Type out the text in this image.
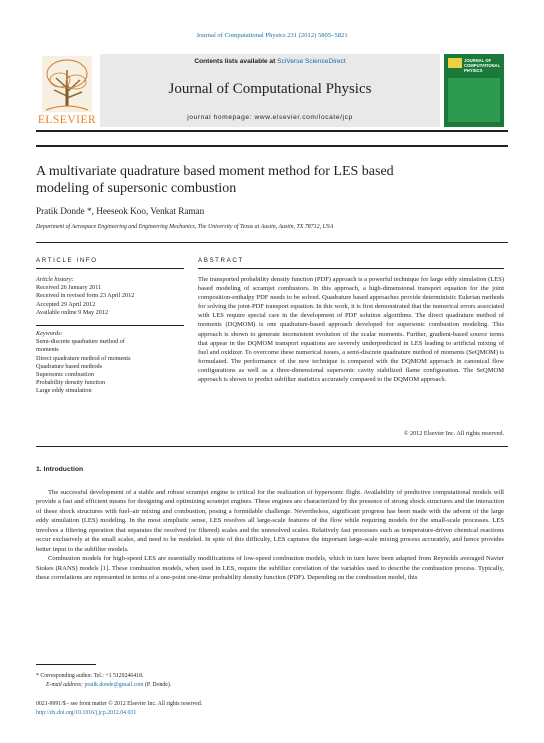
Journal of Computational Physics 231 (2012) 5805–5821
ELSEVIER
Contents lists available at SciVerse ScienceDirect
Journal of Computational Physics
journal homepage: www.elsevier.com/locate/jcp
JOURNAL OF COMPUTATIONAL PHYSICS
A multivariate quadrature based moment method for LES based
modeling of supersonic combustion
Pratik Donde *, Heeseok Koo, Venkat Raman
Department of Aerospace Engineering and Engineering Mechanics, The University of Texas at Austin, Austin, TX 78712, USA
ARTICLE INFO
Article history:
Received 26 January 2011
Received in revised form 23 April 2012
Accepted 29 April 2012
Available online 9 May 2012
Keywords:
Semi-discrete quadrature method of
moments
Direct quadrature method of moments
Quadrature based methods
Supersonic combustion
Probability density function
Large eddy simulation
ABSTRACT
The transported probability density function (PDF) approach is a powerful technique for large eddy simulation (LES) based modeling of scramjet combustors. In this approach, a high-dimensional transport equation for the joint composition-enthalpy PDF needs to be solved. Quadrature based approaches provide deterministic Eulerian methods for solving the joint-PDF transport equation. In this work, it is first demonstrated that the numerical errors associated with LES require special care in the development of PDF solution algorithms. The direct quadrature method of moments (DQMOM) is one quadrature-based approach developed for supersonic combustion modeling. This approach is shown to generate inconsistent evolution of the scalar moments. Further, gradient-based source terms that appear in the DQMOM transport equations are severely underpredicted in LES leading to artificial mixing of fuel and oxidizer. To overcome these numerical issues, a semi-discrete quadrature method of moments (SeQMOM) is formulated. The performance of the new technique is compared with the DQMOM approach in canonical flow configurations as well as a three-dimensional supersonic cavity stabilized flame configuration. The SeQMOM approach is shown to predict subfilter statistics accurately compared to the DQMOM approach.
© 2012 Elsevier Inc. All rights reserved.
1. Introduction

The successful development of a stable and robust scramjet engine is critical for the realization of hypersonic flight. Availability of predictive computational models will provide a fast and efficient means for designing and optimizing scramjet engines. These engines are characterized by the presence of strong shock structures and the interaction of these shock structures with fuel–air mixing and combustion, posing a formidable challenge. Nevertheless, significant progress has been made with the advent of the large eddy simulation (LES) modeling. In the most simplistic sense, LES resolves all large-scale features of the flow while requiring models for the small-scale processes. LES involves a filtering operation that separates the resolved (or filtered) scales and the unresolved scales. Relatively fast processes such as temperature-driven chemical reactions occur exclusively at the small scales, and need to be modeled. In spite of this difficulty, LES captures the important large-scale mixing process accurately, and hence provides better input to the subfilter models.

Combustion models for high-speed LES are essentially modifications of low-speed combustion models, which in turn have been adapted from Reynolds averaged Navier Stokes (RANS) models [1]. These combustion models, when used in LES, require the subfilter correlation of the variables used to describe the combustion process. Typically, these correlations are represented in terms of a one-point one-time probability density function (PDF). Depending on the combustion model, this

* Corresponding author. Tel.: +1 5129246418.
E-mail address: pratik.donde@gmail.com (P. Donde).
0021-9991/$ - see front matter © 2012 Elsevier Inc. All rights reserved.
http://dx.doi.org/10.1016/j.jcp.2012.04.031
